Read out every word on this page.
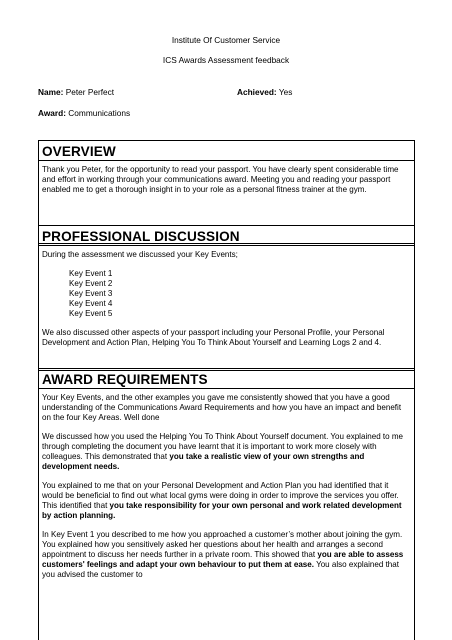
Institute Of Customer Service
ICS Awards Assessment feedback
Name: Peter Perfect	Achieved: Yes
Award: Communications
OVERVIEW

Thank you Peter, for the opportunity to read your passport. You have clearly spent considerable time and effort in working through your communications award. Meeting you and reading your passport enabled me to get a thorough insight in to your role as a personal fitness trainer at the gym.

PROFESSIONAL DISCUSSION

During the assessment we discussed your Key Events;

Key Event 1
Key Event 2
Key Event 3
Key Event 4
Key Event 5

We also discussed other aspects of your passport including your Personal Profile, your Personal Development and Action Plan, Helping You To Think About Yourself and Learning Logs 2 and 4.

AWARD REQUIREMENTS

Your Key Events, and the other examples you gave me consistently showed that you have a good understanding of the Communications Award Requirements and how you have an impact and benefit on the four Key Areas. Well done

We discussed how you used the Helping You To Think About Yourself document. You explained to me through completing the document you have learnt that it is important to work more closely with colleagues. This demonstrated that you take a realistic view of your own strengths and development needs.

You explained to me that on your Personal Development and Action Plan you had identified that it would be beneficial to find out what local gyms were doing in order to improve the services you offer. This identified that you take responsibility for your own personal and work related development by action planning.

In Key Event 1 you described to me how you approached a customer’s mother about joining the gym. You explained how you sensitively asked her questions about her health and arranges a second appointment to discuss her needs further in a private room. This showed that you are able to assess customers' feelings and adapt your own behaviour to put them at ease. You also explained that you advised the customer to
